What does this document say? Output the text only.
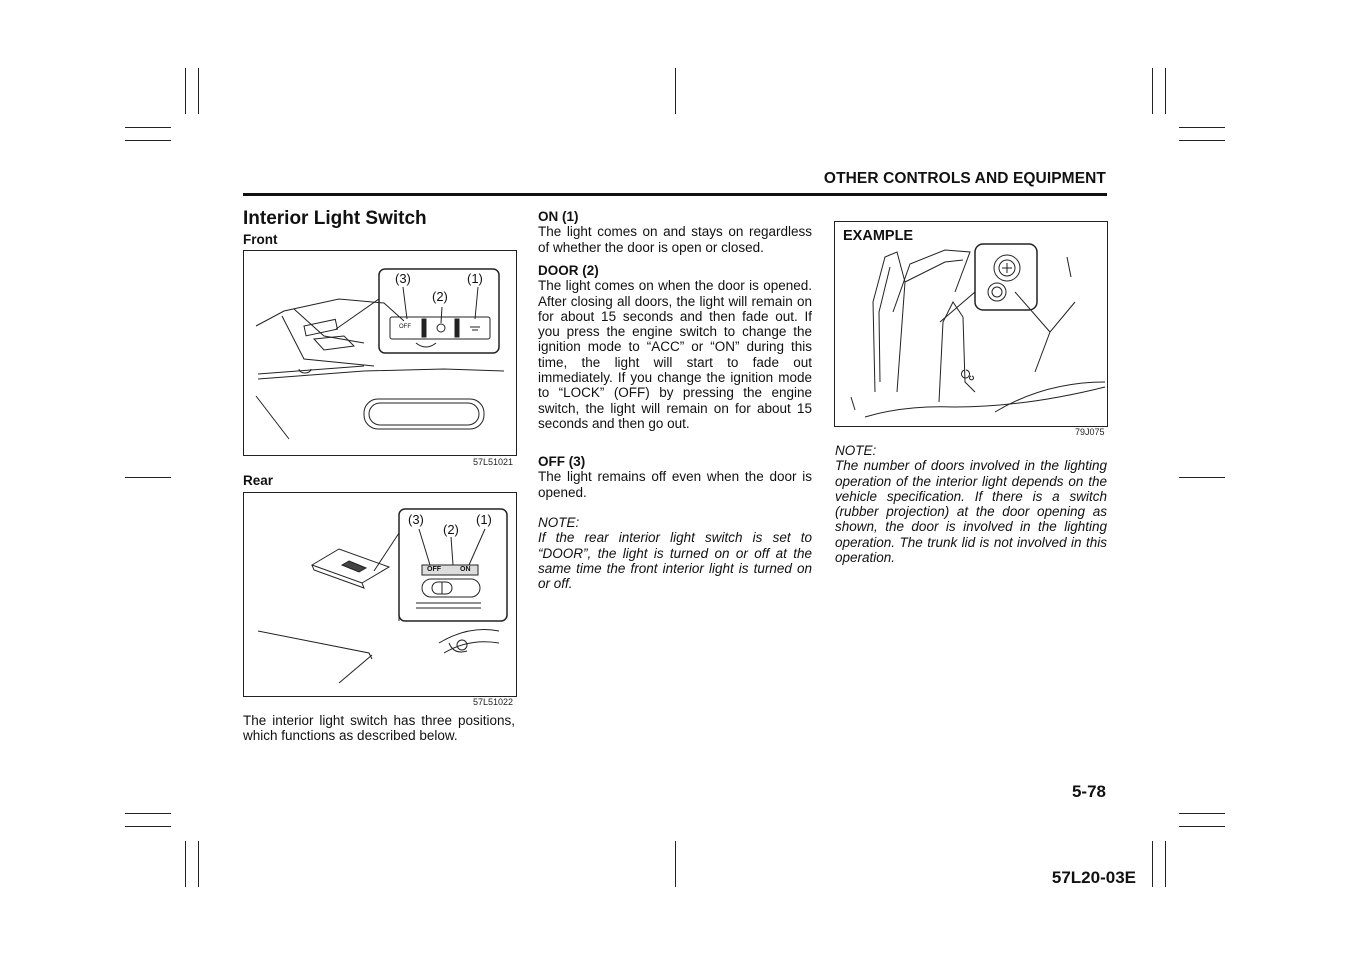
OTHER CONTROLS AND EQUIPMENT
Interior Light Switch
Front
(3)
(2)
(1)
OFF
57L51021
Rear
(3)
(2)
(1)
OFF	ON
57L51022
The interior light switch has three positions, which functions as described below.
ON (1)
The light comes on and stays on regardless of whether the door is open or closed.
DOOR (2)
The light comes on when the door is opened. After closing all doors, the light will remain on for about 15 seconds and then fade out. If you press the engine switch to change the ignition mode to “ACC” or “ON” during this time, the light will start to fade out immediately. If you change the ignition mode to “LOCK” (OFF) by pressing the engine switch, the light will remain on for about 15 seconds and then go out.
OFF (3)
The light remains off even when the door is opened.
NOTE:
If the rear interior light switch is set to “DOOR”, the light is turned on or off at the same time the front interior light is turned on or off.
EXAMPLE
79J075
NOTE:
The number of doors involved in the lighting operation of the interior light depends on the vehicle specification. If there is a switch (rubber projection) at the door opening as shown, the door is involved in the lighting operation. The trunk lid is not involved in this operation.
5-78
57L20-03E
